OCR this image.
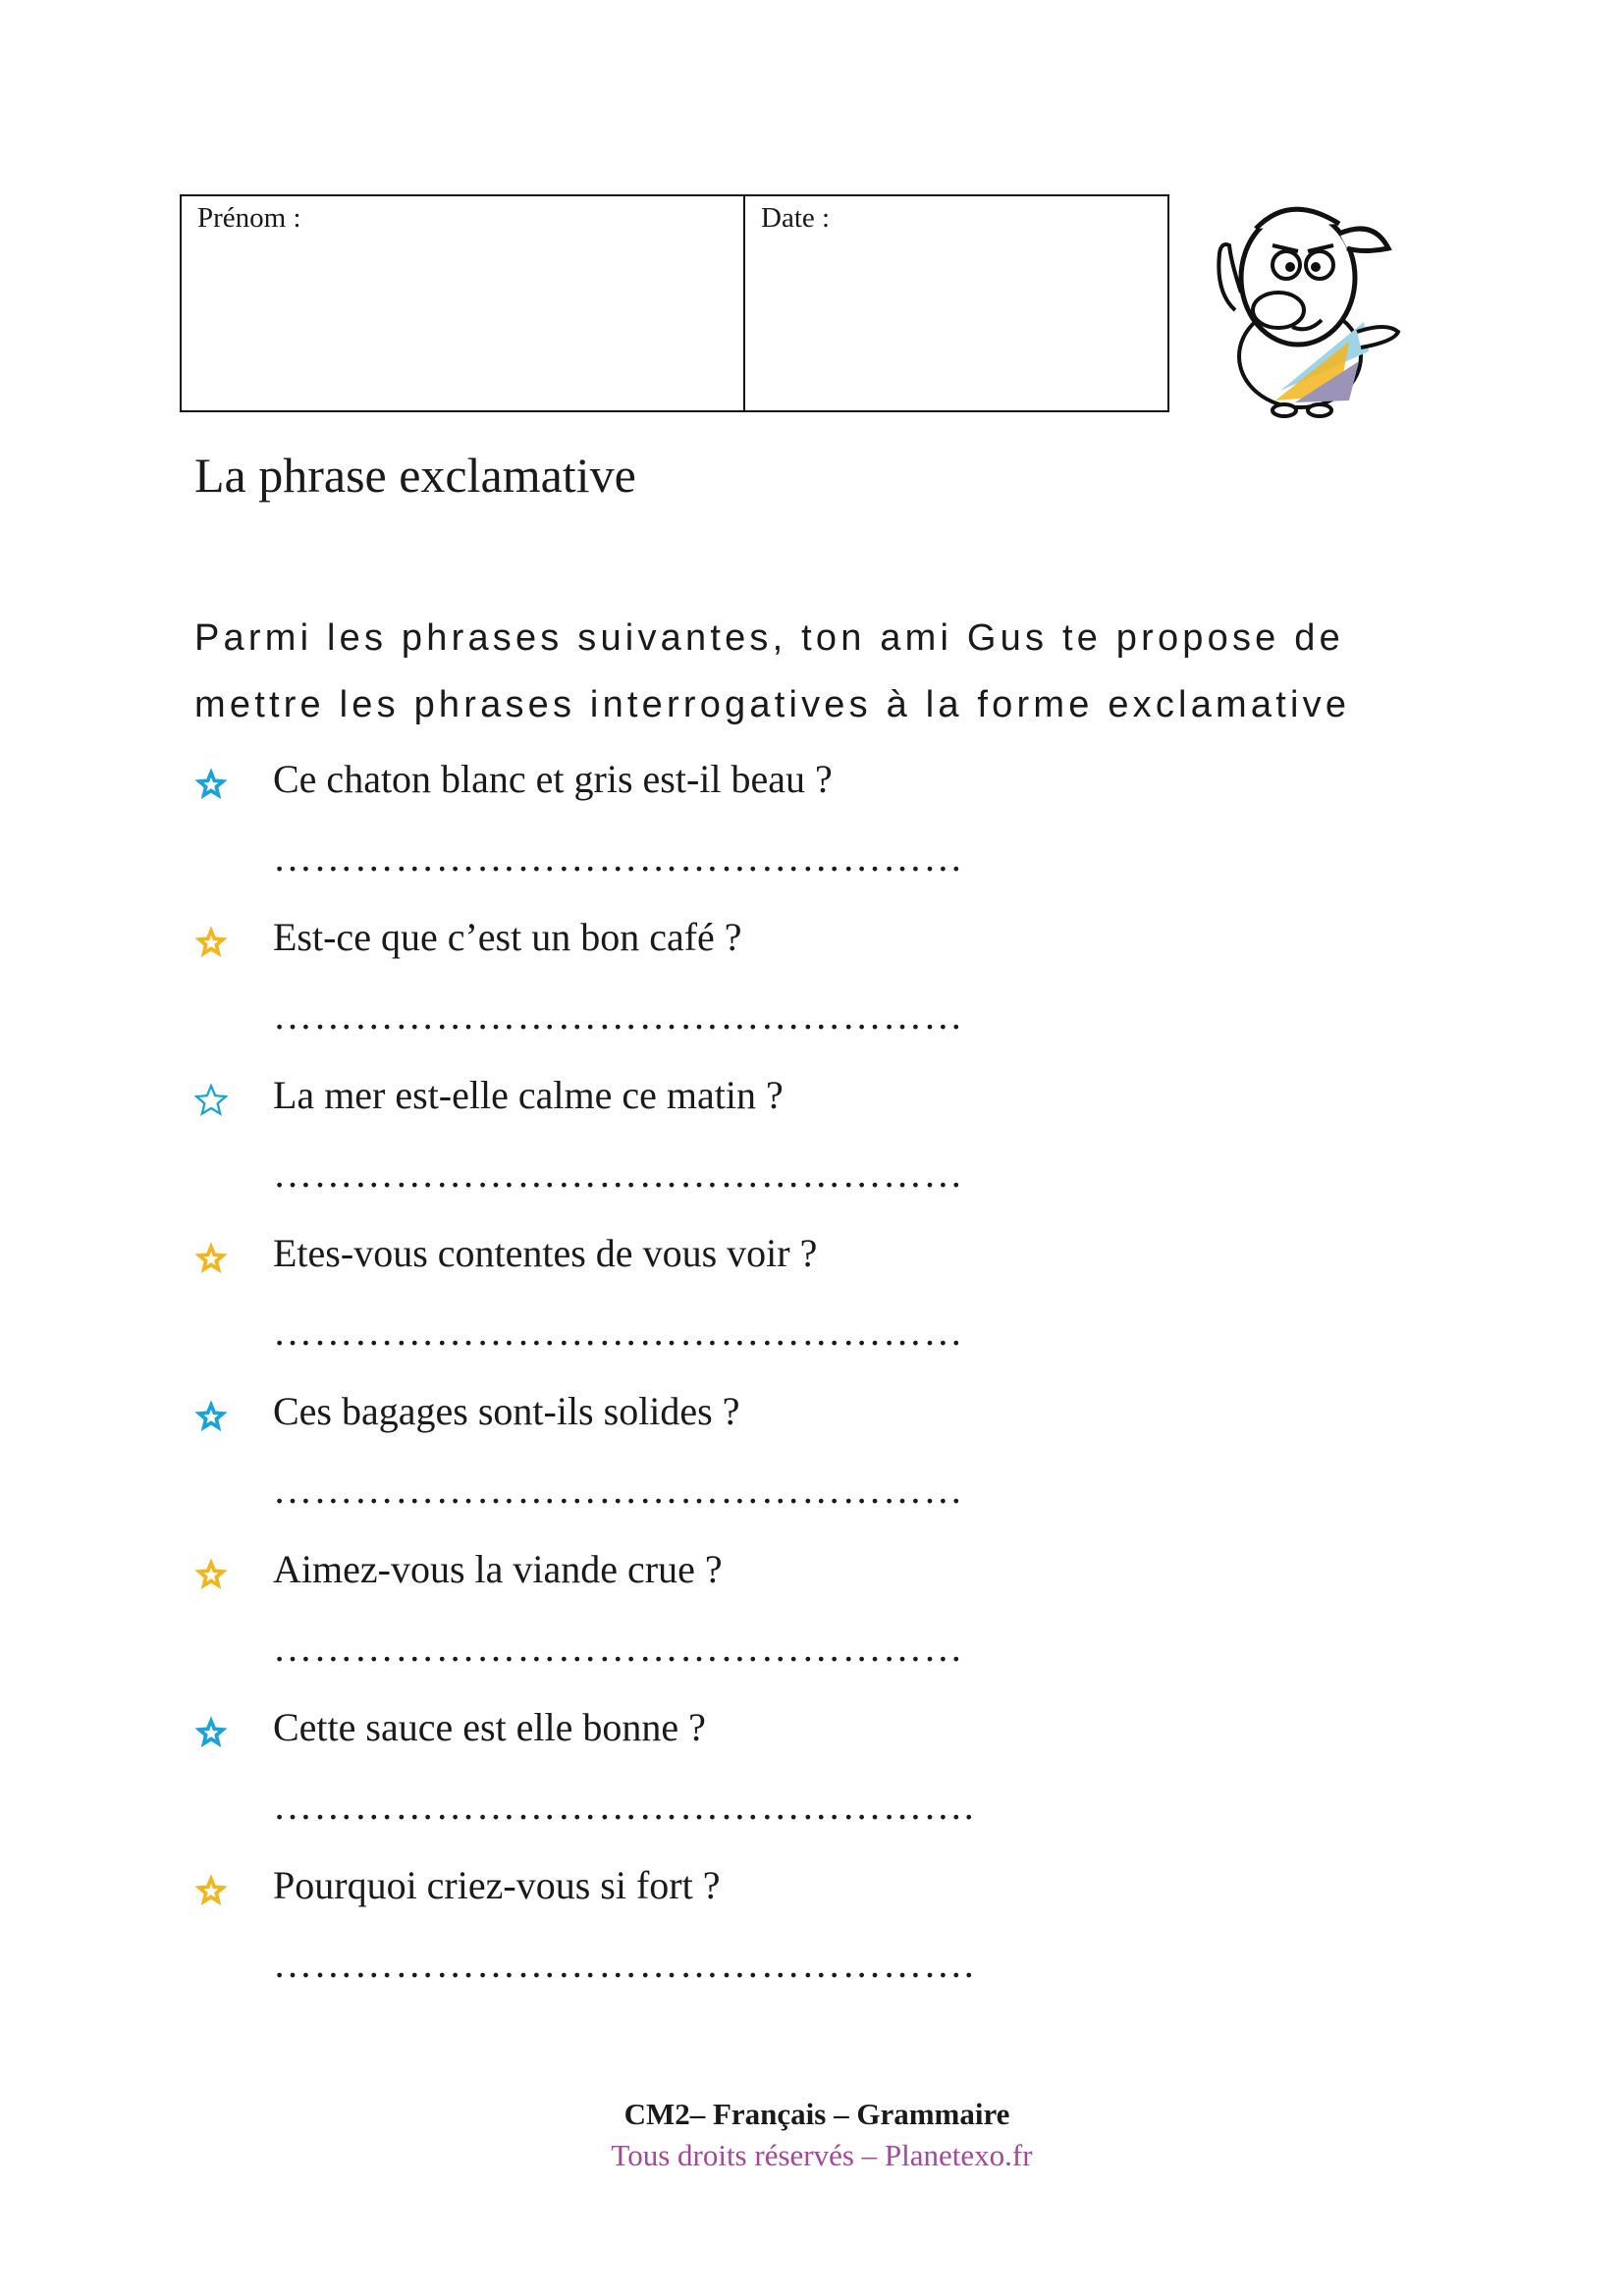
Prénom :	Date :
La phrase exclamative
Parmi les phrases suivantes, ton ami Gus te propose de
mettre les phrases interrogatives à la forme exclamative
Ce chaton blanc et gris est-il beau ?
……………………………………………
Est-ce que c’est un bon café ?
……………………………………………
La mer est-elle calme ce matin ?
……………………………………………
Etes-vous contentes de vous voir ?
……………………………………………
Ces bagages sont-ils solides ?
……………………………………………
Aimez-vous la viande crue ?
……………………………………………
Cette sauce est elle bonne ?
…………………………………………….
Pourquoi criez-vous si fort ?
…………………………………………….
CM2– Français – Grammaire
Tous droits réservés – Planetexo.fr
